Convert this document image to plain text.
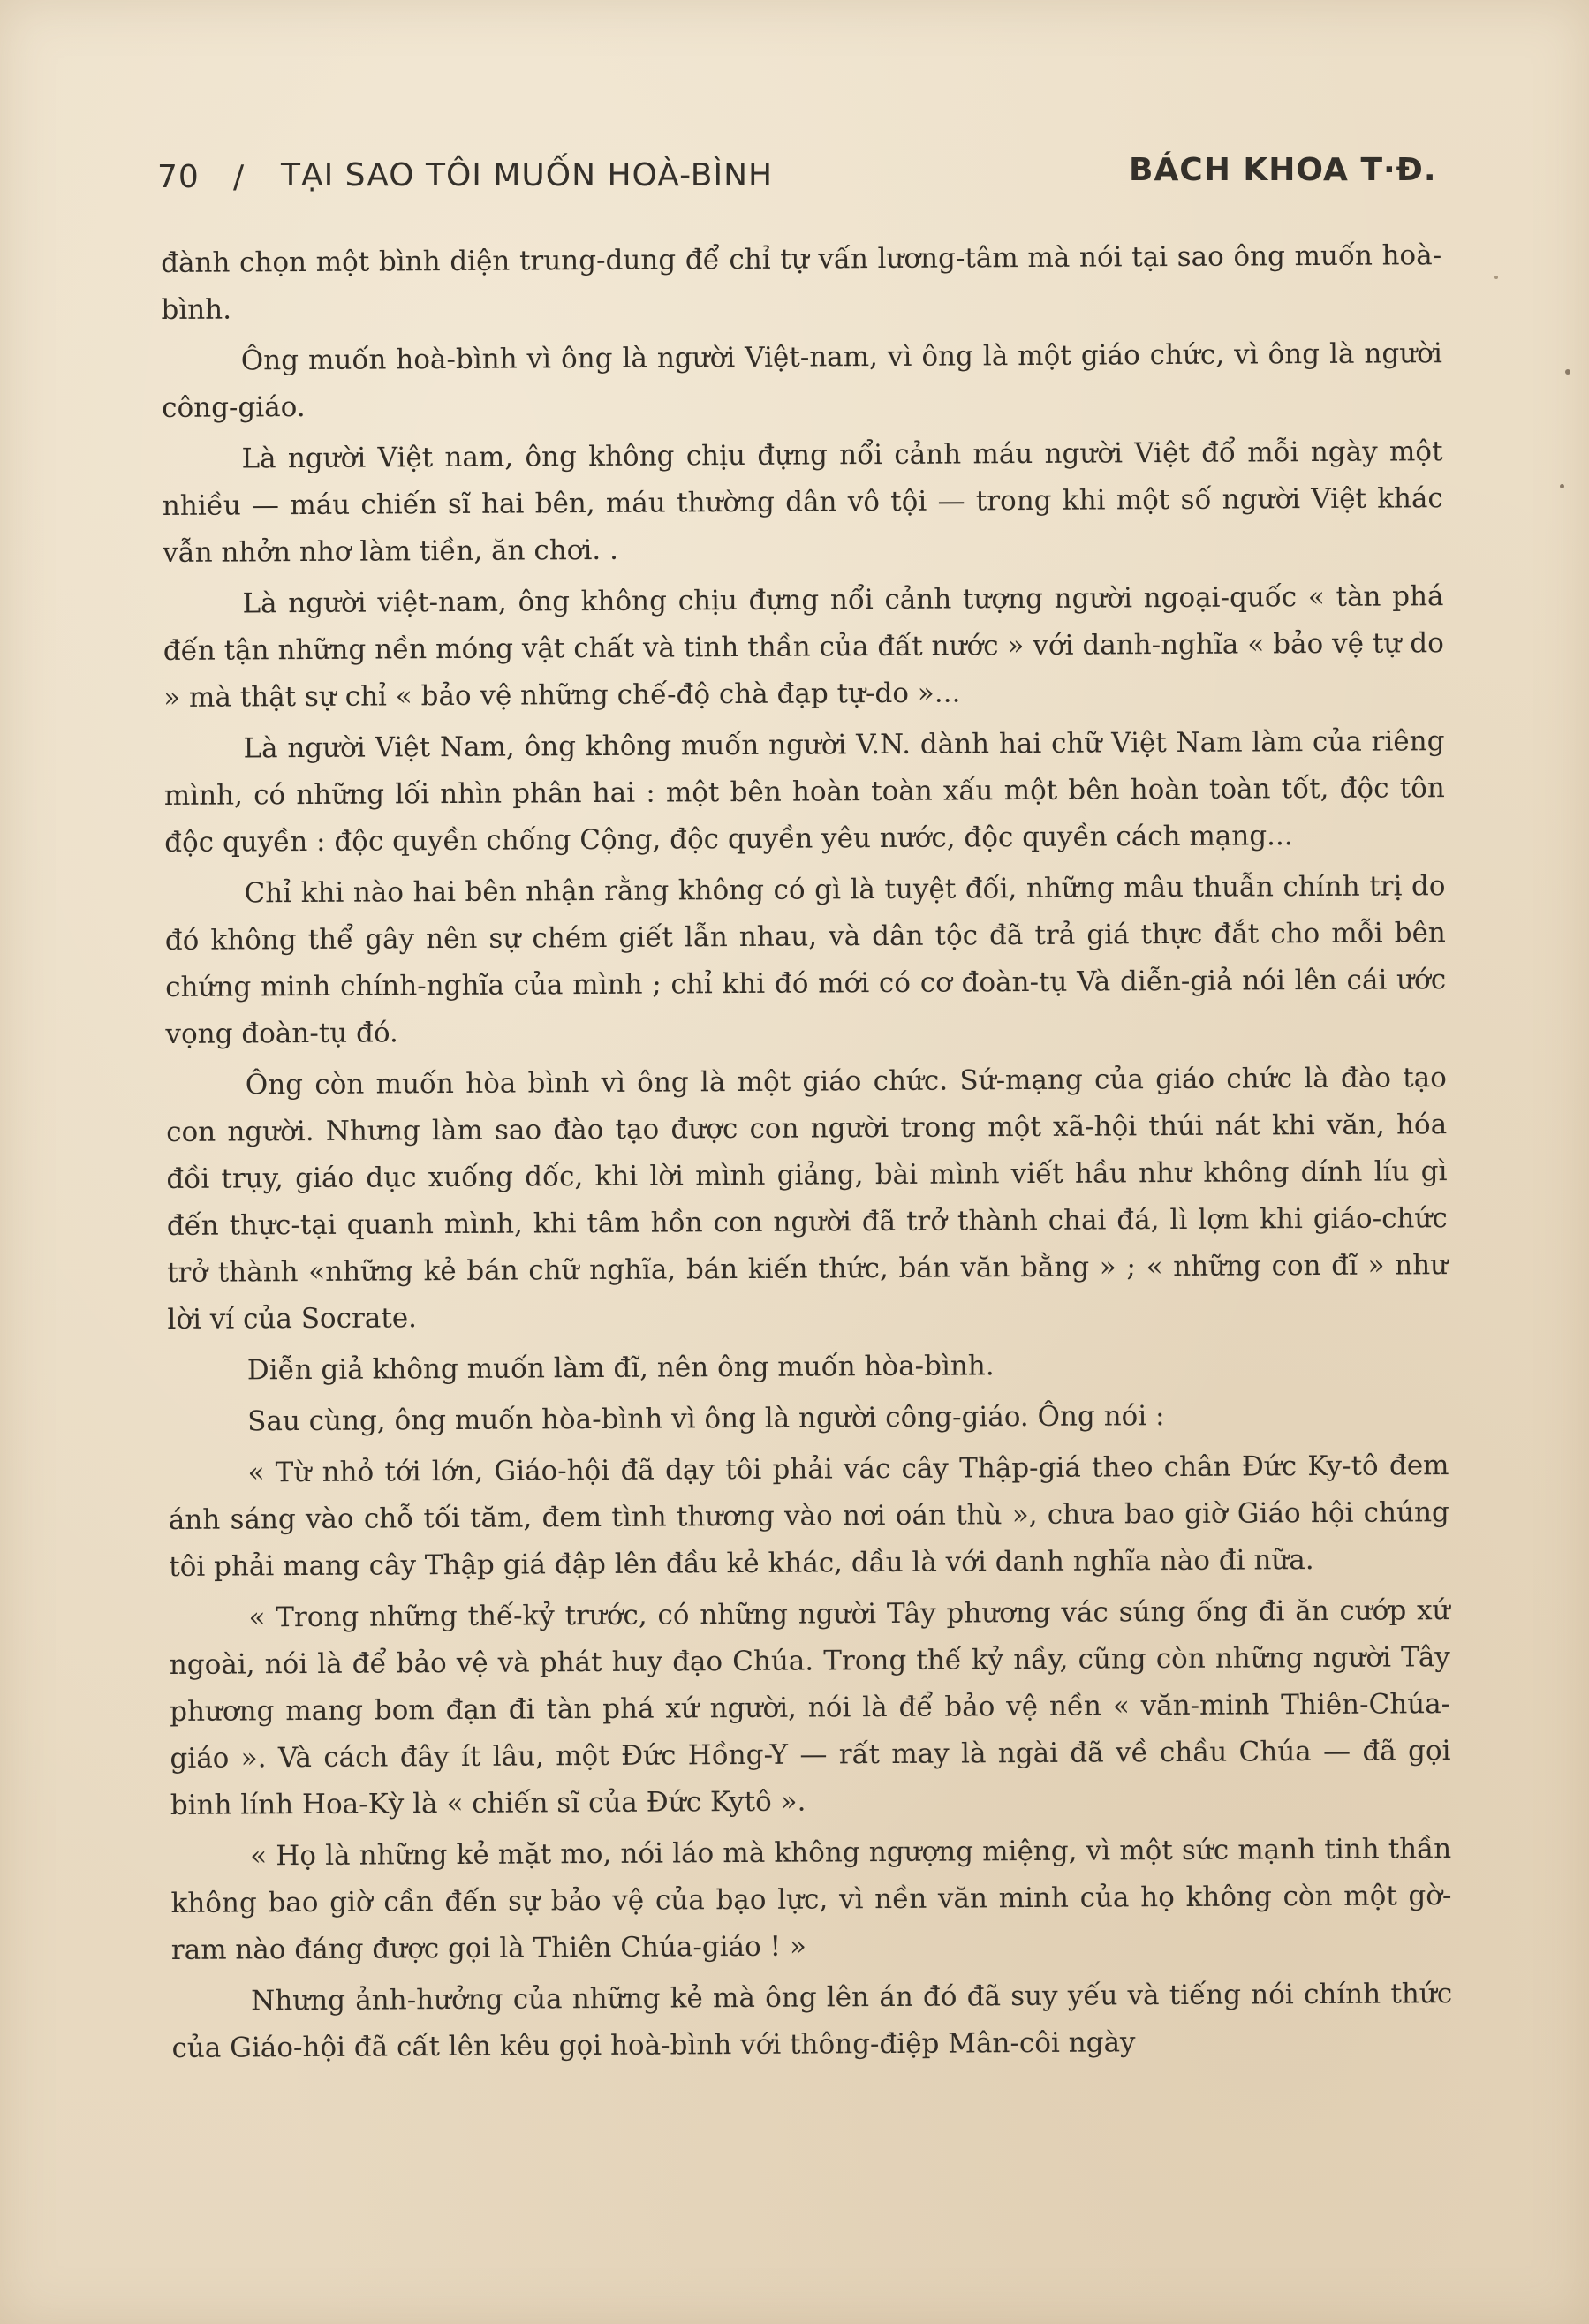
70 / TẠI SAO TÔI MUỐN HOÀ-BÌNH	BÁCH KHOA T·Đ.

đành chọn một bình diện trung-dung để chỉ tự vấn lương-tâm mà nói tại sao ông muốn hoà-bình.

Ông muốn hoà-bình vì ông là người Việt-nam, vì ông là một giáo chức, vì ông là người công-giáo.

Là người Việt nam, ông không chịu đựng nổi cảnh máu người Việt đổ mỗi ngày một nhiều — máu chiến sĩ hai bên, máu thường dân vô tội — trong khi một số người Việt khác vẫn nhởn nhơ làm tiền, ăn chơi. .

Là người việt-nam, ông không chịu đựng nổi cảnh tượng người ngoại-quốc « tàn phá đến tận những nền móng vật chất và tinh thần của đất nước » với danh-nghĩa « bảo vệ tự do » mà thật sự chỉ « bảo vệ những chế-độ chà đạp tự-do »...

Là người Việt Nam, ông không muốn người V.N. dành hai chữ Việt Nam làm của riêng mình, có những lối nhìn phân hai : một bên hoàn toàn xấu một bên hoàn toàn tốt, độc tôn độc quyền : độc quyền chống Cộng, độc quyền yêu nước, độc quyền cách mạng...

Chỉ khi nào hai bên nhận rằng không có gì là tuyệt đối, những mâu thuẫn chính trị do đó không thể gây nên sự chém giết lẫn nhau, và dân tộc đã trả giá thực đắt cho mỗi bên chứng minh chính-nghĩa của mình ; chỉ khi đó mới có cơ đoàn-tụ Và diễn-giả nói lên cái ước vọng đoàn-tụ đó.

Ông còn muốn hòa bình vì ông là một giáo chức. Sứ-mạng của giáo chức là đào tạo con người. Nhưng làm sao đào tạo được con người trong một xã-hội thúi nát khi văn, hóa đồi trụy, giáo dục xuống dốc, khi lời mình giảng, bài mình viết hầu như không dính líu gì đến thực-tại quanh mình, khi tâm hồn con người đã trở thành chai đá, lì lợm khi giáo-chức trở thành «những kẻ bán chữ nghĩa, bán kiến thức, bán văn bằng » ; « những con đĩ » như lời ví của Socrate.

Diễn giả không muốn làm đĩ, nên ông muốn hòa-bình.

Sau cùng, ông muốn hòa-bình vì ông là người công-giáo. Ông nói :

« Từ nhỏ tới lớn, Giáo-hội đã dạy tôi phải vác cây Thập-giá theo chân Đức Ky-tô đem ánh sáng vào chỗ tối tăm, đem tình thương vào nơi oán thù », chưa bao giờ Giáo hội chúng tôi phải mang cây Thập giá đập lên đầu kẻ khác, dầu là với danh nghĩa nào đi nữa.

« Trong những thế-kỷ trước, có những người Tây phương vác súng ống đi ăn cướp xứ ngoài, nói là để bảo vệ và phát huy đạo Chúa. Trong thế kỷ nầy, cũng còn những người Tây phương mang bom đạn đi tàn phá xứ người, nói là để bảo vệ nền « văn-minh Thiên-Chúa-giáo ». Và cách đây ít lâu, một Đức Hồng-Y — rất may là ngài đã về chầu Chúa — đã gọi binh lính Hoa-Kỳ là « chiến sĩ của Đức Kytô ».

« Họ là những kẻ mặt mo, nói láo mà không ngượng miệng, vì một sức mạnh tinh thần không bao giờ cần đến sự bảo vệ của bạo lực, vì nền văn minh của họ không còn một gờ-ram nào đáng được gọi là Thiên Chúa-giáo ! »

Nhưng ảnh-hưởng của những kẻ mà ông lên án đó đã suy yếu và tiếng nói chính thức của Giáo-hội đã cất lên kêu gọi hoà-bình với thông-điệp Mân-côi ngày
